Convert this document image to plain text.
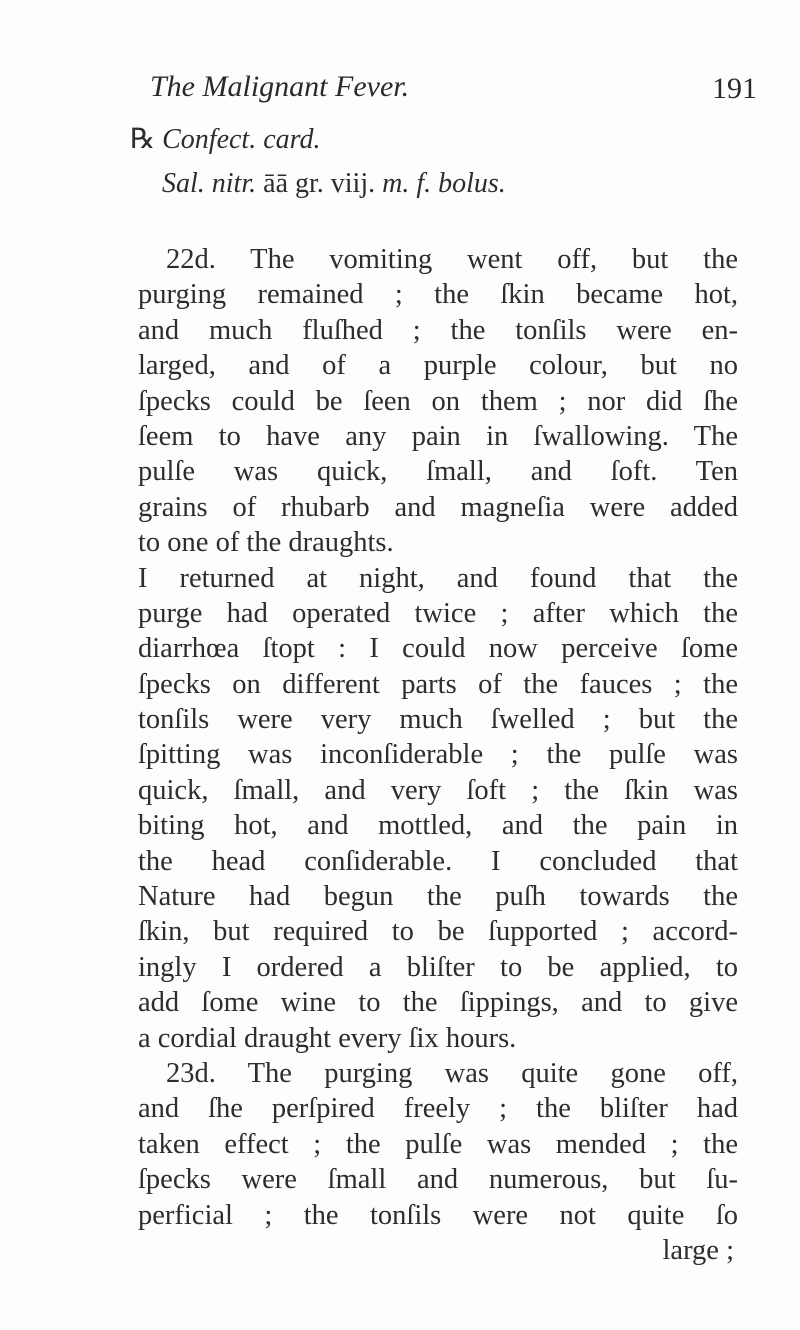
The Malignant Fever.	191
℞ Confect. card.
Sal. nitr. āā gr. viij. m. f. bolus.
22d. The vomiting went off, but the
purging remained ; the ſkin became hot,
and much fluſhed ; the tonſils were en-
larged, and of a purple colour, but no
ſpecks could be ſeen on them ; nor did ſhe
ſeem to have any pain in ſwallowing. The
pulſe was quick, ſmall, and ſoft. Ten
grains of rhubarb and magneſia were added
to one of the draughts.
I returned at night, and found that the
purge had operated twice ; after which the
diarrhœa ſtopt : I could now perceive ſome
ſpecks on different parts of the fauces ; the
tonſils were very much ſwelled ; but the
ſpitting was inconſiderable ; the pulſe was
quick, ſmall, and very ſoft ; the ſkin was
biting hot, and mottled, and the pain in
the head conſiderable. I concluded that
Nature had begun the puſh towards the
ſkin, but required to be ſupported ; accord-
ingly I ordered a bliſter to be applied, to
add ſome wine to the ſippings, and to give
a cordial draught every ſix hours.
23d. The purging was quite gone off,
and ſhe perſpired freely ; the bliſter had
taken effect ; the pulſe was mended ; the
ſpecks were ſmall and numerous, but ſu-
perficial ; the tonſils were not quite ſo
large ;
